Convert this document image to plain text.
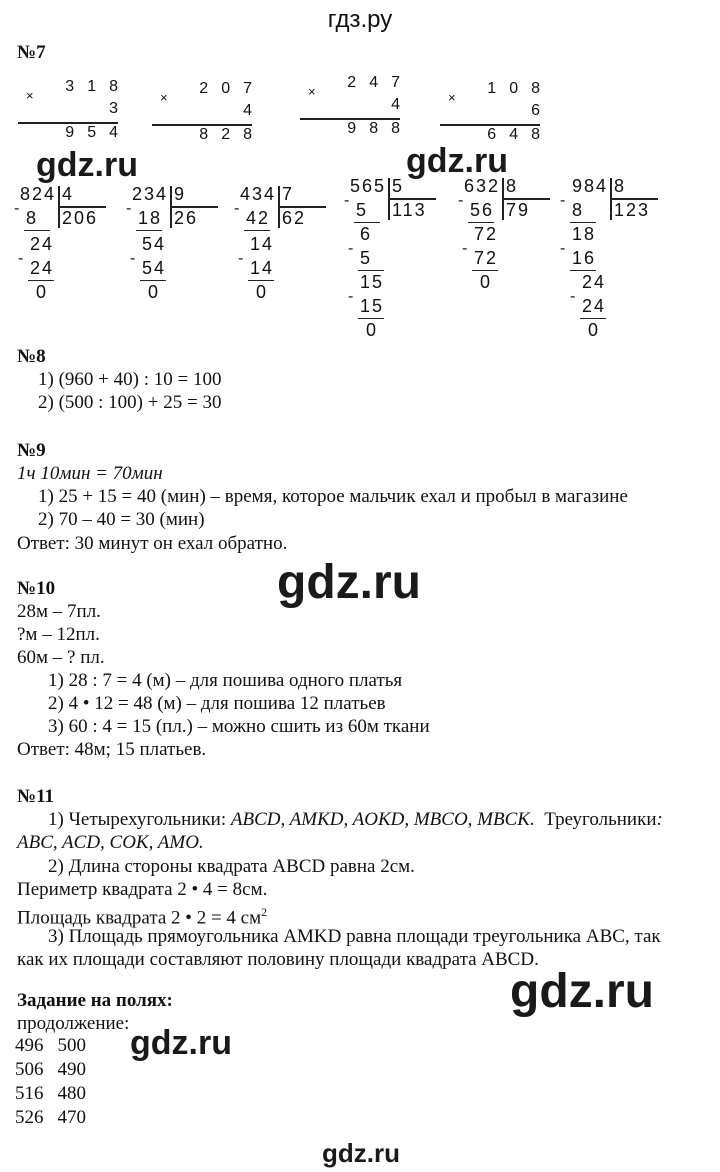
гдз.ру
№7
×
318
3
954
×
207
4
828
×
247
4
988
×
108
6
648
824 4
206
- 8
24
- 24
0
234 9
26
- 18
54
- 54
0
434 7
62
- 42
14
- 14
0
565 5
113
- 5
6
- 5
15
- 15
0
632 8
79
- 56
72
- 72
0
984 8
123
- 8
18
- 16
24
- 24
0
gdz.ru	gdz.ru
gdz.ru
gdz.ru
gdz.ru
gdz.ru
№8
1) (960 + 40) : 10 = 100
2) (500 : 100) + 25 = 30
№9
1ч 10мин = 70мин
1) 25 + 15 = 40 (мин) – время, которое мальчик ехал и пробыл в магазине
2) 70 – 40 = 30 (мин)
Ответ: 30 минут он ехал обратно.
№10
28м – 7пл.
?м – 12пл.
60м – ? пл.
1) 28 : 7 = 4 (м) – для пошива одного платья
2) 4 • 12 = 48 (м) – для пошива 12 платьев
3) 60 : 4 = 15 (пл.) – можно сшить из 60м ткани
Ответ: 48м; 15 платьев.
№11
1) Четырехугольники: ABCD, AMKD, AOKD, MBCO, MBCK. Треугольники:
ABC, ACD, COK, AMO.
2) Длина стороны квадрата ABCD равна 2см.
Периметр квадрата 2 • 4 = 8см.
Площадь квадрата 2 • 2 = 4 $см^2$
3) Площадь прямоугольника AMKD равна площади треугольника ABC, так
как их площади составляют половину площади квадрата ABCD.
Задание на полях:
продолжение:
496	500
506	490
516	480
526	470
